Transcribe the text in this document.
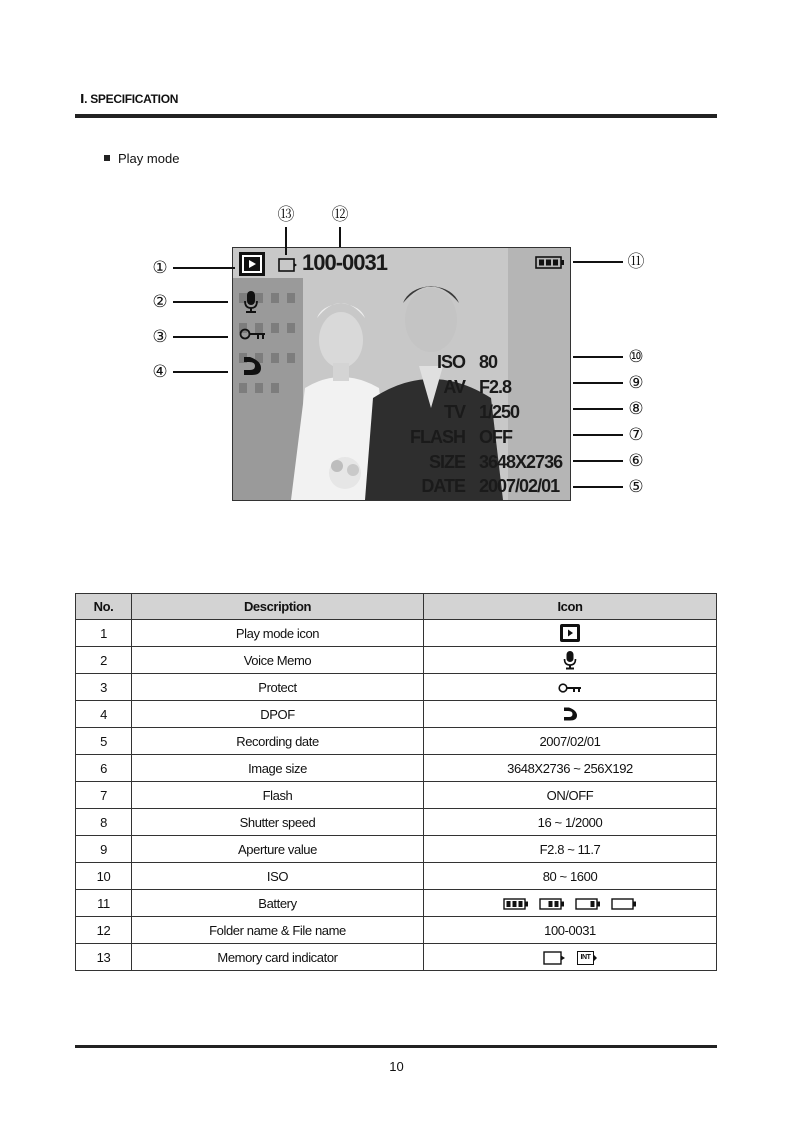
Ⅰ. SPECIFICATION
Play mode
100-0031
ISO 80
AV F2.8
TV 1/250
FLASH OFF
SIZE 3648X2736
DATE 2007/02/01
①
②
③
④
⑤
⑥
⑦
⑧
⑨
⑩
⑪
⑫
⑬
No.	Description	Icon
1	Play mode icon	
2	Voice Memo	
3	Protect	
4	DPOF	
5	Recording date	2007/02/01
6	Image size	3648X2736 ~ 256X192
7	Flash	ON/OFF
8	Shutter speed	16 ~ 1/2000
9	Aperture value	F2.8 ~ 11.7
10	ISO	80 ~ 1600
11	Battery	

12	Folder name & File name	100-0031
13	Memory card indicator	INT
10
